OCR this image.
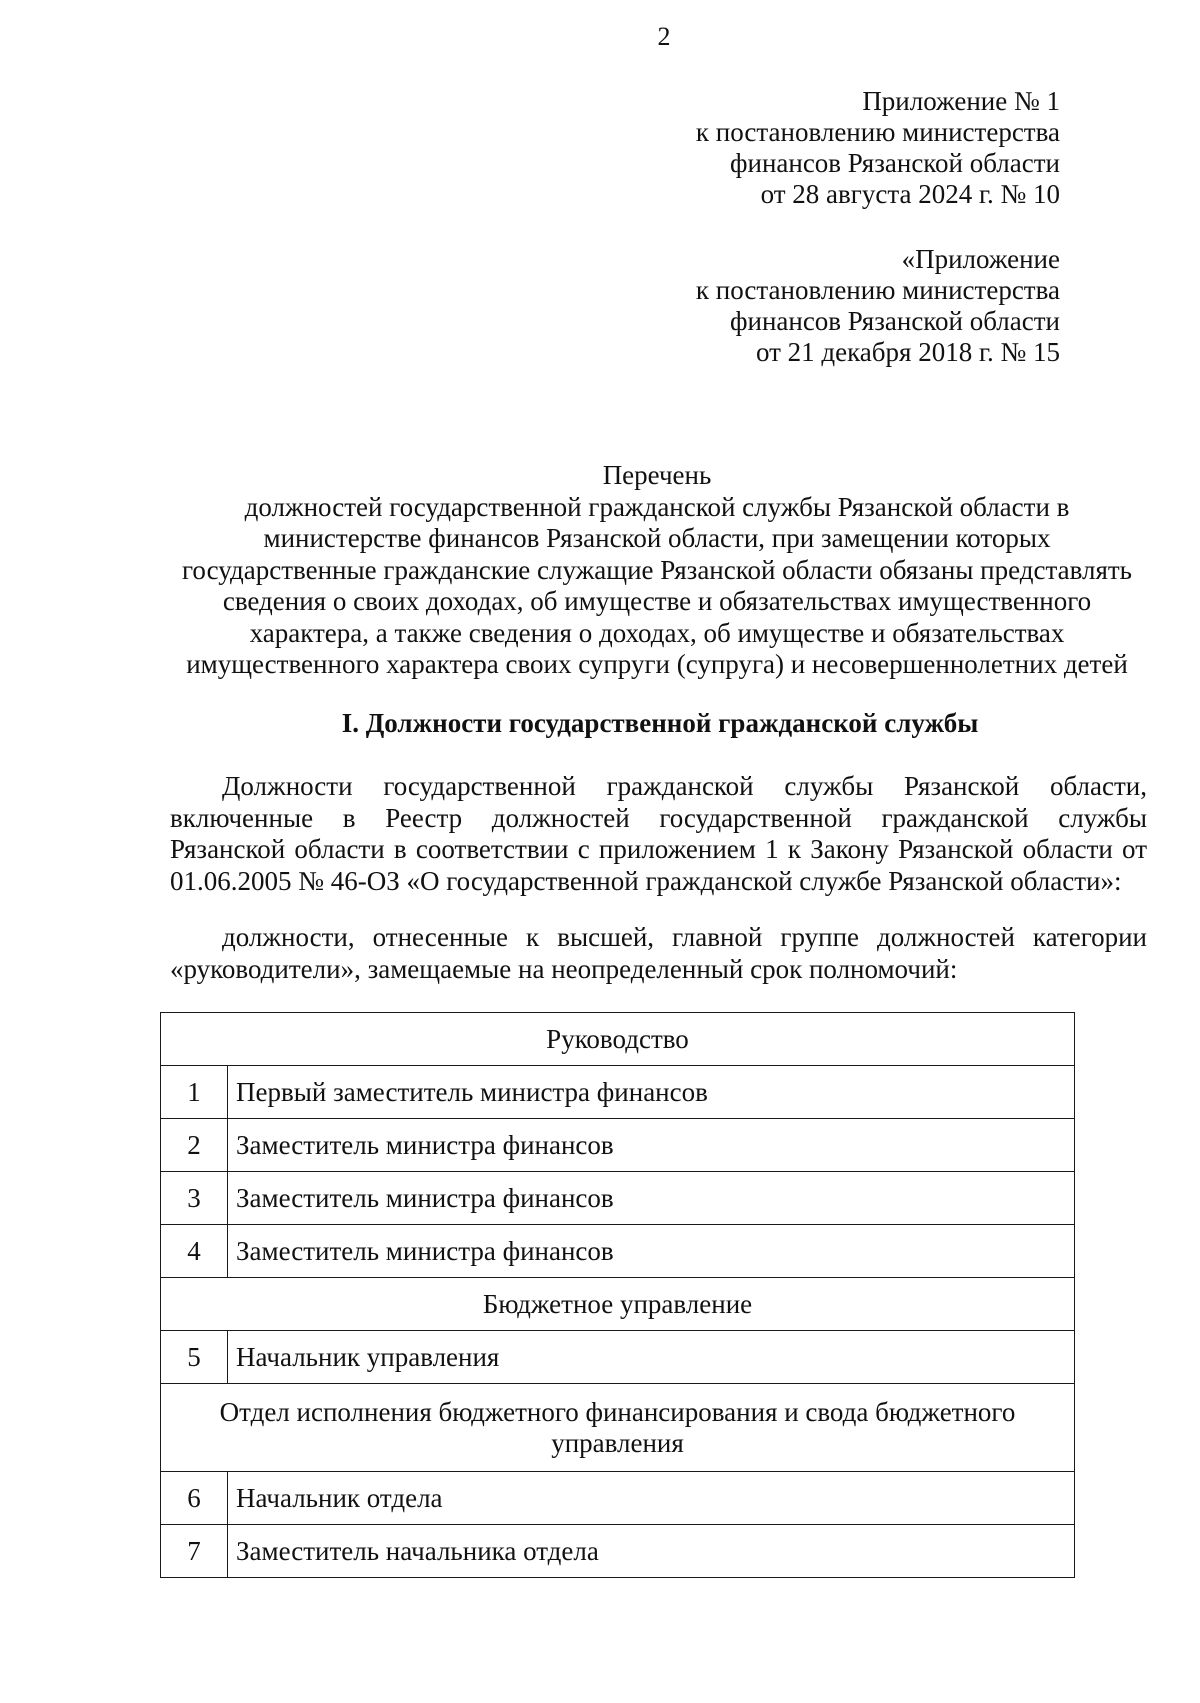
2
Приложение № 1
к постановлению министерства
финансов Рязанской области
от 28 августа 2024 г. № 10
«Приложение
к постановлению министерства
финансов Рязанской области
от 21 декабря 2018 г. № 15
Перечень
должностей государственной гражданской службы Рязанской области в
министерстве финансов Рязанской области, при замещении которых
государственные гражданские служащие Рязанской области обязаны представлять
сведения о своих доходах, об имуществе и обязательствах имущественного
характера, а также сведения о доходах, об имуществе и обязательствах
имущественного характера своих супруги (супруга) и несовершеннолетних детей
I. Должности государственной гражданской службы
Должности государственной гражданской службы Рязанской области,
включенные в Реестр должностей государственной гражданской службы
Рязанской области в соответствии с приложением 1 к Закону Рязанской области от
01.06.2005 № 46-ОЗ «О государственной гражданской службе Рязанской области»:
должности, отнесенные к высшей, главной группе должностей категории
«руководители», замещаемые на неопределенный срок полномочий:
Руководство	
1	Первый заместитель министра финансов
2	Заместитель министра финансов
3	Заместитель министра финансов
4	Заместитель министра финансов
Бюджетное управление	
5	Начальник управления

Отдел исполнения бюджетного финансирования и свода бюджетного
управления	

6	Начальник отдела
7	Заместитель начальника отдела
